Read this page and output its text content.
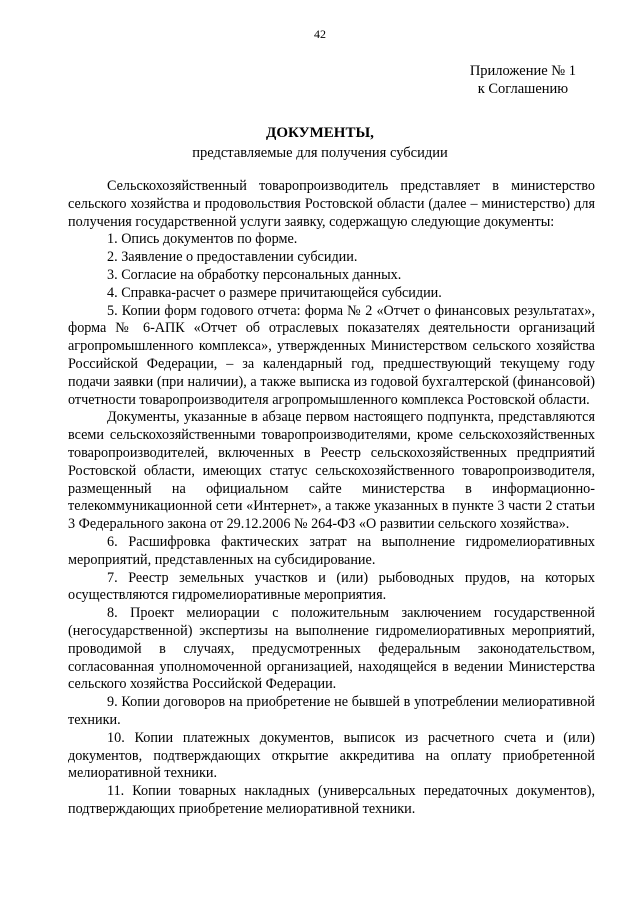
42
Приложение № 1
к Соглашению
ДОКУМЕНТЫ,
представляемые для получения субсидии

Сельскохозяйственный товаропроизводитель представляет в министерство сельского хозяйства и продовольствия Ростовской области (далее – министерство) для получения государственной услуги заявку, содержащую следующие документы:

1. Опись документов по форме.

2. Заявление о предоставлении субсидии.

3. Согласие на обработку персональных данных.

4. Справка-расчет о размере причитающейся субсидии.

5. Копии форм годового отчета: форма № 2 «Отчет о финансовых результатах», форма № 6-АПК «Отчет об отраслевых показателях деятельности организаций агропромышленного комплекса», утвержденных Министерством сельского хозяйства Российской Федерации, – за календарный год, предшествующий текущему году подачи заявки (при наличии), а также выписка из годовой бухгалтерской (финансовой) отчетности товаропроизводителя агропромышленного комплекса Ростовской области.

Документы, указанные в абзаце первом настоящего подпункта, представляются всеми сельскохозяйственными товаропроизводителями, кроме сельскохозяйственных товаропроизводителей, включенных в Реестр сельскохозяйственных предприятий Ростовской области, имеющих статус сельскохозяйственного товаропроизводителя, размещенный на официальном сайте министерства в информационно-телекоммуникационной сети «Интернет», а также указанных в пункте 3 части 2 статьи 3 Федерального закона от 29.12.2006 № 264-ФЗ «О развитии сельского хозяйства».

6. Расшифровка фактических затрат на выполнение гидромелиоративных мероприятий, представленных на субсидирование.

7. Реестр земельных участков и (или) рыбоводных прудов, на которых осуществляются гидромелиоративные мероприятия.

8. Проект мелиорации с положительным заключением государственной (негосударственной) экспертизы на выполнение гидромелиоративных мероприятий, проводимой в случаях, предусмотренных федеральным законодательством, согласованная уполномоченной организацией, находящейся в ведении Министерства сельского хозяйства Российской Федерации.

9. Копии договоров на приобретение не бывшей в употреблении мелиоративной техники.

10. Копии платежных документов, выписок из расчетного счета и (или) документов, подтверждающих открытие аккредитива на оплату приобретенной мелиоративной техники.

11. Копии товарных накладных (универсальных передаточных документов), подтверждающих приобретение мелиоративной техники.
